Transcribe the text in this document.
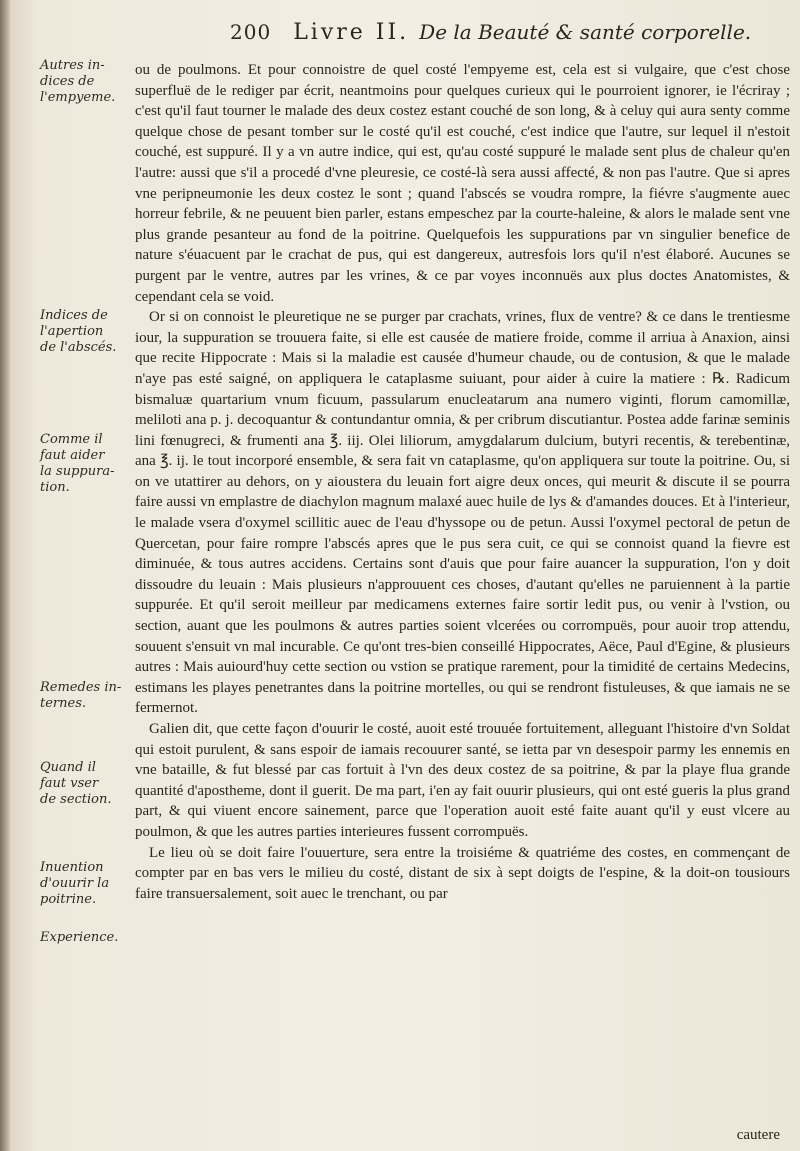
200 Livre II. De la Beauté & santé corporelle.
Autres in-
dices de
l'empyeme.
Indices de
l'apertion
de l'abscés.
Comme il
faut aider
la suppura-
tion.
Remedes in-
ternes.
Quand il
faut vser
de section.
Inuention
d'ouurir la
poitrine.
Experience.

ou de poulmons. Et pour connoistre de quel costé l'empyeme est, cela est si vulgaire, que c'est chose superfluë de le rediger par écrit, neantmoins pour quelques curieux qui le pourroient ignorer, ie l'écriray ; c'est qu'il faut tourner le malade des deux costez estant couché de son long, & à celuy qui aura senty comme quelque chose de pesant tomber sur le costé qu'il est couché, c'est indice que l'autre, sur lequel il n'estoit couché, est suppuré. Il y a vn autre indice, qui est, qu'au costé suppuré le malade sent plus de chaleur qu'en l'autre: aussi que s'il a procedé d'vne pleuresie, ce costé-là sera aussi affecté, & non pas l'autre. Que si apres vne peripneumonie les deux costez le sont ; quand l'abscés se voudra rompre, la fiévre s'augmente auec horreur febrile, & ne peuuent bien parler, estans empeschez par la courte-haleine, & alors le malade sent vne plus grande pesanteur au fond de la poitrine. Quelquefois les suppurations par vn singulier benefice de nature s'éuacuent par le crachat de pus, qui est dangereux, autresfois lors qu'il n'est élaboré. Aucunes se purgent par le ventre, autres par les vrines, & ce par voyes inconnuës aux plus doctes Anatomistes, & cependant cela se void.

Or si on connoist le pleuretique ne se purger par crachats, vrines, flux de ventre? & ce dans le trentiesme iour, la suppuration se trouuera faite, si elle est causée de matiere froide, comme il arriua à Anaxion, ainsi que recite Hippocrate : Mais si la maladie est causée d'humeur chaude, ou de contusion, & que le malade n'aye pas esté saigné, on appliquera le cataplasme suiuant, pour aider à cuire la matiere : ℞. Radicum bismaluæ quartarium vnum ficuum, passularum enucleatarum ana numero viginti, florum camomillæ, meliloti ana p. j. decoquantur & contundantur omnia, & per cribrum discutiantur. Postea adde farinæ seminis lini fœnugreci, & frumenti ana ℥. iij. Olei liliorum, amygdalarum dulcium, butyri recentis, & terebentinæ, ana ℥. ij. le tout incorporé ensemble, & sera fait vn cataplasme, qu'on appliquera sur toute la poitrine. Ou, si on ve utattirer au dehors, on y aioustera du leuain fort aigre deux onces, qui meurit & discute il se pourra faire aussi vn emplastre de diachylon magnum malaxé auec huile de lys & d'amandes douces. Et à l'interieur, le malade vsera d'oxymel scillitic auec de l'eau d'hyssope ou de petun. Aussi l'oxymel pectoral de petun de Quercetan, pour faire rompre l'abscés apres que le pus sera cuit, ce qui se connoist quand la fievre est diminuée, & tous autres accidens. Certains sont d'auis que pour faire auancer la suppuration, l'on y doit dissoudre du leuain : Mais plusieurs n'approuuent ces choses, d'autant qu'elles ne paruiennent à la partie suppurée. Et qu'il seroit meilleur par medicamens externes faire sortir ledit pus, ou venir à l'vstion, ou section, auant que les poulmons & autres parties soient vlcerées ou corrompuës, pour auoir trop attendu, souuent s'ensuit vn mal incurable. Ce qu'ont tres-bien conseillé Hippocrates, Aëce, Paul d'Egine, & plusieurs autres : Mais auiourd'huy cette section ou vstion se pratique rarement, pour la timidité de certains Medecins, estimans les playes penetrantes dans la poitrine mortelles, ou qui se rendront fistuleuses, & que iamais ne se fermernot.

Galien dit, que cette façon d'ouurir le costé, auoit esté trouuée fortuitement, alleguant l'histoire d'vn Soldat qui estoit purulent, & sans espoir de iamais recouurer santé, se ietta par vn desespoir parmy les ennemis en vne bataille, & fut blessé par cas fortuit à l'vn des deux costez de sa poitrine, & par la playe flua grande quantité d'apostheme, dont il guerit. De ma part, i'en ay fait ouurir plusieurs, qui ont esté gueris la plus grand part, & qui viuent encore sainement, parce que l'operation auoit esté faite auant qu'il y eust vlcere au poulmon, & que les autres parties interieures fussent corrompuës.

Le lieu où se doit faire l'ouuerture, sera entre la troisiéme & quatriéme des costes, en commençant de compter par en bas vers le milieu du costé, distant de six à sept doigts de l'espine, & la doit-on tousiours faire transuersalement, soit auec le trenchant, ou par

cautere
